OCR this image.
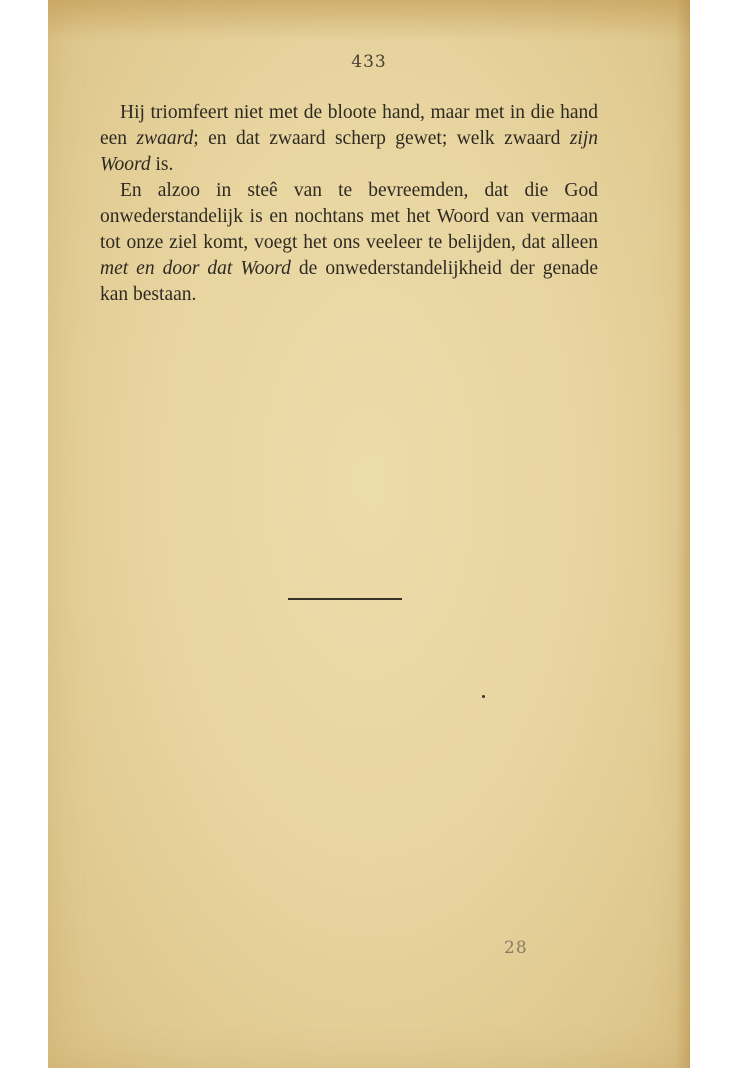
433

Hij triomfeert niet met de bloote hand, maar met in die hand een zwaard; en dat zwaard scherp gewet; welk zwaard zijn Woord is.

En alzoo in steê van te bevreemden, dat die God onwederstandelijk is en nochtans met het Woord van vermaan tot onze ziel komt, voegt het ons veeleer te belijden, dat alleen met en door dat Woord de onwederstandelijkheid der genade kan bestaan.

28
